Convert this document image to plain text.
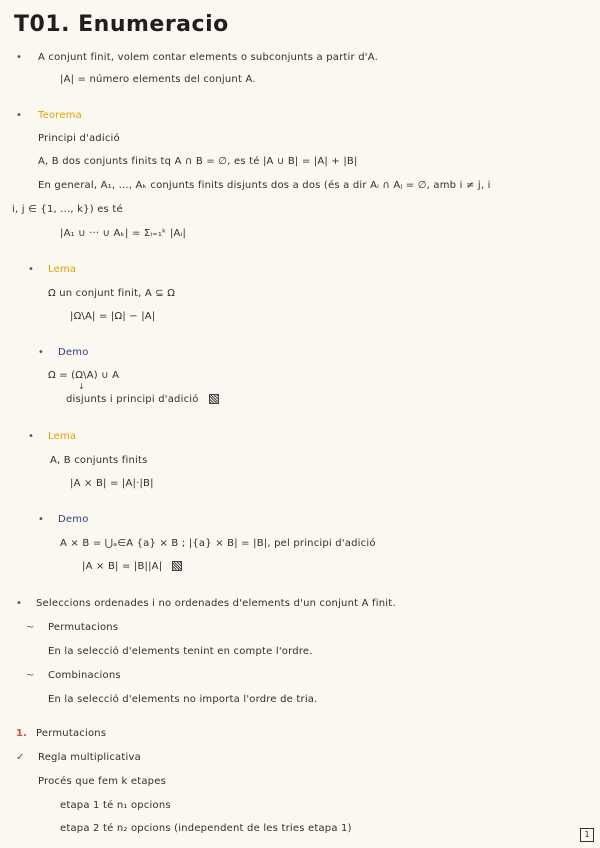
T01. Enumeracio
• A conjunt finit, volem contar elements o subconjunts a partir d'A.
|A| = número elements del conjunt A.
• Teorema
Principi d'adició
A, B dos conjunts finits tq A ∩ B = ∅, es té |A ∪ B| = |A| + |B|
En general, A₁, ..., Aₖ conjunts finits disjunts dos a dos (és a dir Aᵢ ∩ Aⱼ = ∅, amb i ≠ j, i
i, j ∈ {1, ..., k}) es té
|A₁ ∪ ··· ∪ Aₖ| = Σᵢ₌₁ᵏ |Aᵢ|
• Lema
Ω un conjunt finit, A ⊆ Ω
|Ω\A| = |Ω| − |A|
• Demo
Ω = (Ω\A) ∪ A
↓
disjunts i principi d'adició
• Lema
A, B conjunts finits
|A × B| = |A|·|B|
• Demo
A × B = ⋃ₐ∈A {a} × B ; |{a} × B| = |B|, pel principi d'adició
|A × B| = |B||A|
• Seleccions ordenades i no ordenades d'elements d'un conjunt A finit.
~ Permutacions
En la selecció d'elements tenint en compte l'ordre.
~ Combinacions
En la selecció d'elements no importa l'ordre de tria.
1. Permutacions
✓ Regla multiplicativa
Procés que fem k etapes
etapa 1 té n₁ opcions
etapa 2 té n₂ opcions (independent de les tries etapa 1)
1
